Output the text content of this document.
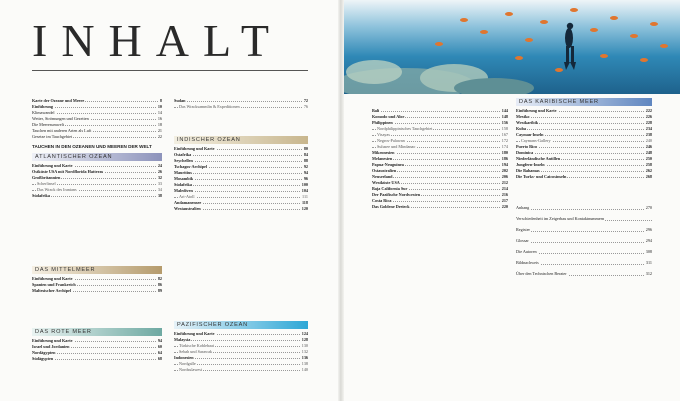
INHALT
Karte der Ozeane und Meere	8
Einführung	10
Klimawandel	14
Wetter, Strömungen und Gezeiten	16
Die Meeresumwelt	18
Tauchen mit anderen Arten als Luft	21
Gesetze im Tauchgebiet	22
TAUCHEN IN DEN OZEANEN UND MEEREN DER WELT
ATLANTISCHER OZEAN
Einführung und Karte	24
Ostküste USA mit Nordflorida Hatteras	26
Großbritannien	32
Scherlinsel	33
Das Wrack des Iranians	34
Südafrika	38
DAS MITTELMEER
Einführung und Karte	82
Spanien und Frankreich	86
Maltesischer Archipel	89
DAS ROTE MEER
Einführung und Karte	94
Israel und Jordanien	60
Nordägypten	64
Südägypten	68
Sudan	72
Das Wracksammlin & Expeditionen	76
INDISCHER OZEAN
Einführung und Karte	80
Ostafrika	84
Seychellen	88
Tschagos-Archipel	92
Mauritius	94
Mosambik	96
Südafrika	100
Malediven	104
Ari-Atoll	111
Andamanensee	118
Westaustralien	120
PAZIFISCHER OZEAN
Einführung und Karte	124
Malaysia	128
Türkische Koblebaai	130
Sebah und Sarawak	132
Indonesien	136
Nordgalle	138
Nordsulawesi	140
Bali	144
Komodo und Alor	148
Philippinen	156
Nordphilippinisches Tauchgebiet	158
Visayas	167
Negros-Palawan	172
Sulusee und Mindanao	174
Mikronesien	180
Melanesien	186
Papua-Neuguinea	194
Ostaustralien	202
Neuseeland	206
Westküste USA	212
Baja California Sur	214
Der Pazifische Nordwesten	216
Costa Rica	217
Das Goldene Dreieck	220
DAS KARIBISCHE MEER
Einführung und Karte	222
Mexiko	226
Westkaribik	228
Kuba	234
Cayman-Inseln	238
Caymans-Gallery	240
Puerto Rico	246
Dominica	248
Niederländische Antillen	250
Jungfern-Inseln	258
Die Bahamas	262
Die Turks- und Caicosinseln	268
Anhang	270
Verschiedenheit im Zeigerbau und Kontaktnummern
Register	296
Glossar	294
Die Autoren	308
Bildnachweis	311
Über den Technischen Berater	312
